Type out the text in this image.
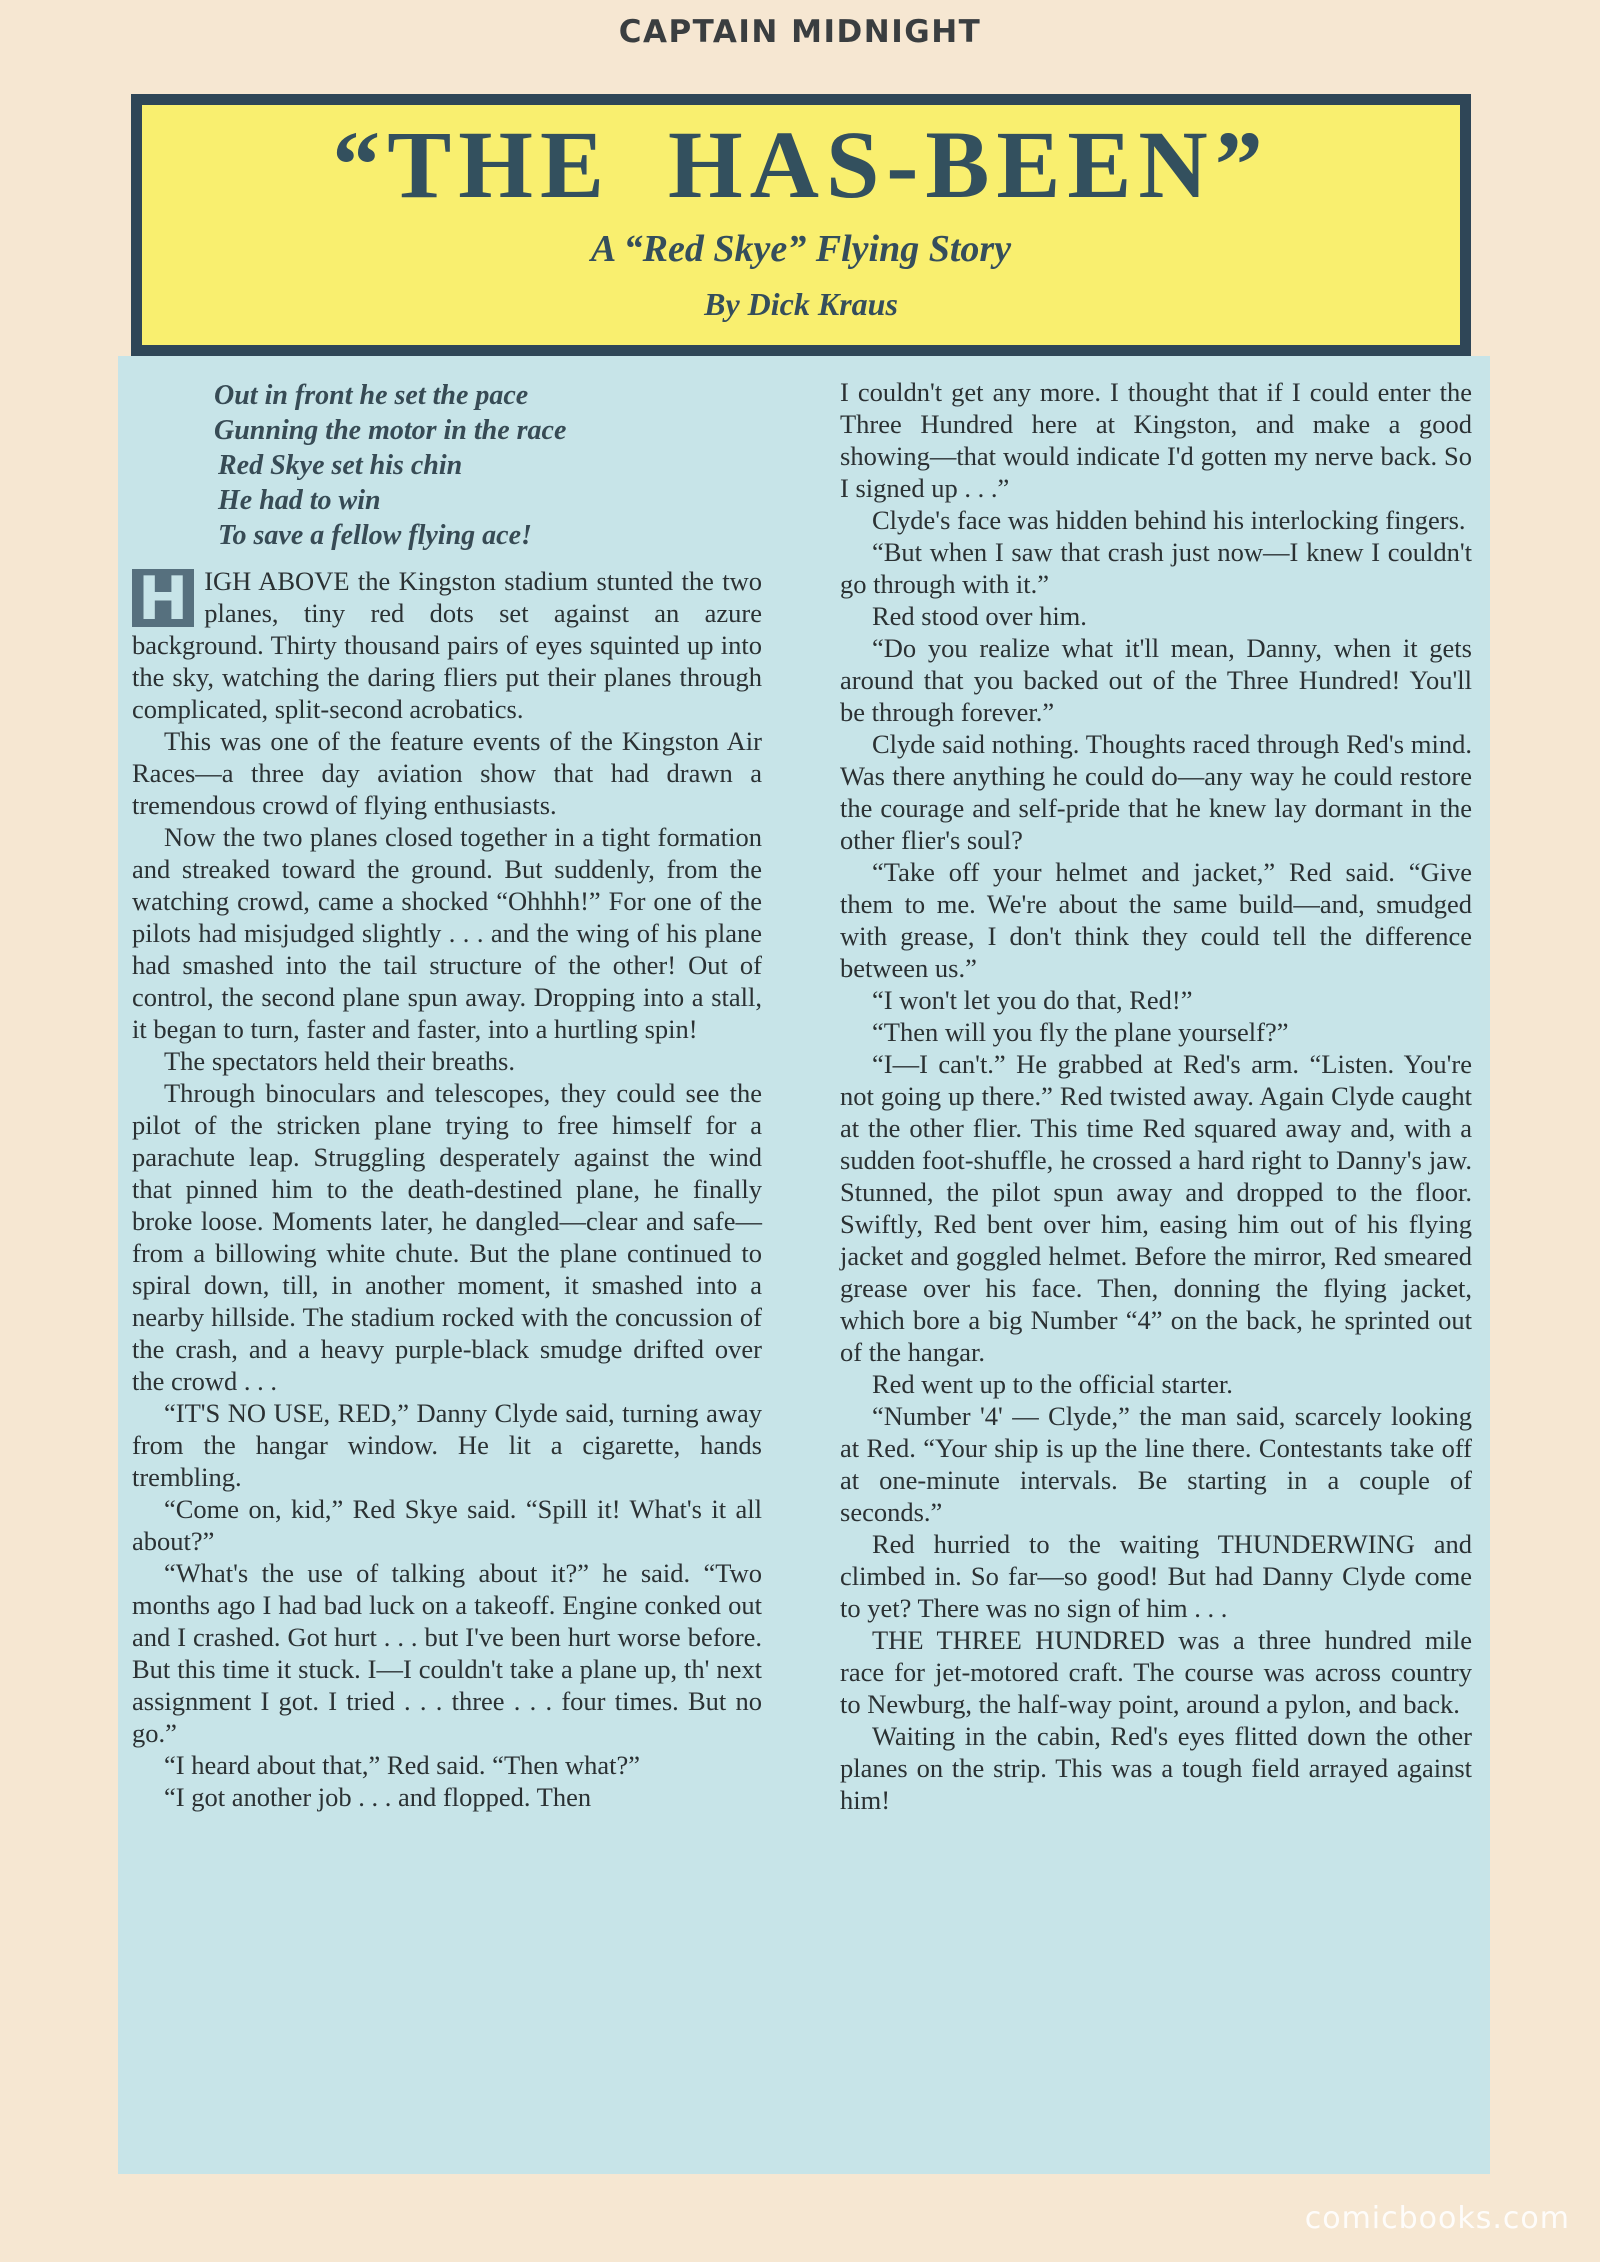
CAPTAIN MIDNIGHT
“THE HAS-BEEN”
A “Red Skye” Flying Story
By Dick Kraus
Out in front he set the pace
Gunning the motor in the race
Red Skye set his chin
He had to win
To save a fellow flying ace!

H IGH ABOVE the Kingston stadium stunted the two planes, tiny red dots set against an azure background. Thirty thousand pairs of eyes squinted up into the sky, watching the daring fliers put their planes through complicated, split-second acrobatics.

This was one of the feature events of the Kingston Air Races—a three day aviation show that had drawn a tremendous crowd of flying enthusiasts.

Now the two planes closed together in a tight formation and streaked toward the ground. But suddenly, from the watching crowd, came a shocked “Ohhhh!” For one of the pilots had misjudged slightly . . . and the wing of his plane had smashed into the tail structure of the other! Out of control, the second plane spun away. Dropping into a stall, it began to turn, faster and faster, into a hurtling spin!

The spectators held their breaths.

Through binoculars and telescopes, they could see the pilot of the stricken plane trying to free himself for a parachute leap. Struggling desperately against the wind that pinned him to the death-destined plane, he finally broke loose. Moments later, he dangled—clear and safe—from a billowing white chute. But the plane continued to spiral down, till, in another moment, it smashed into a nearby hillside. The stadium rocked with the concussion of the crash, and a heavy purple-black smudge drifted over the crowd . . .

“IT'S NO USE, RED,” Danny Clyde said, turning away from the hangar window. He lit a cigarette, hands trembling.

“Come on, kid,” Red Skye said. “Spill it! What's it all about?”

“What's the use of talking about it?” he said. “Two months ago I had bad luck on a takeoff. Engine conked out and I crashed. Got hurt . . . but I've been hurt worse before. But this time it stuck. I—I couldn't take a plane up, th' next assignment I got. I tried . . . three . . . four times. But no go.”

“I heard about that,” Red said. “Then what?”

“I got another job . . . and flopped. Then

I couldn't get any more. I thought that if I could enter the Three Hundred here at Kingston, and make a good showing—that would indicate I'd gotten my nerve back. So I signed up . . .”

Clyde's face was hidden behind his interlocking fingers.

“But when I saw that crash just now—I knew I couldn't go through with it.”

Red stood over him.

“Do you realize what it'll mean, Danny, when it gets around that you backed out of the Three Hundred! You'll be through forever.”

Clyde said nothing. Thoughts raced through Red's mind. Was there anything he could do—any way he could restore the courage and self-pride that he knew lay dormant in the other flier's soul?

“Take off your helmet and jacket,” Red said. “Give them to me. We're about the same build—and, smudged with grease, I don't think they could tell the difference between us.”

“I won't let you do that, Red!”

“Then will you fly the plane yourself?”

“I—I can't.” He grabbed at Red's arm. “Listen. You're not going up there.” Red twisted away. Again Clyde caught at the other flier. This time Red squared away and, with a sudden foot-shuffle, he crossed a hard right to Danny's jaw. Stunned, the pilot spun away and dropped to the floor. Swiftly, Red bent over him, easing him out of his flying jacket and goggled helmet. Before the mirror, Red smeared grease over his face. Then, donning the flying jacket, which bore a big Number “4” on the back, he sprinted out of the hangar.

Red went up to the official starter.

“Number '4' — Clyde,” the man said, scarcely looking at Red. “Your ship is up the line there. Contestants take off at one-minute intervals. Be starting in a couple of seconds.”

Red hurried to the waiting THUNDERWING and climbed in. So far—so good! But had Danny Clyde come to yet? There was no sign of him . . .

THE THREE HUNDRED was a three hundred mile race for jet-motored craft. The course was across country to Newburg, the half-way point, around a pylon, and back.

Waiting in the cabin, Red's eyes flitted down the other planes on the strip. This was a tough field arrayed against him!

comicbooks.com
